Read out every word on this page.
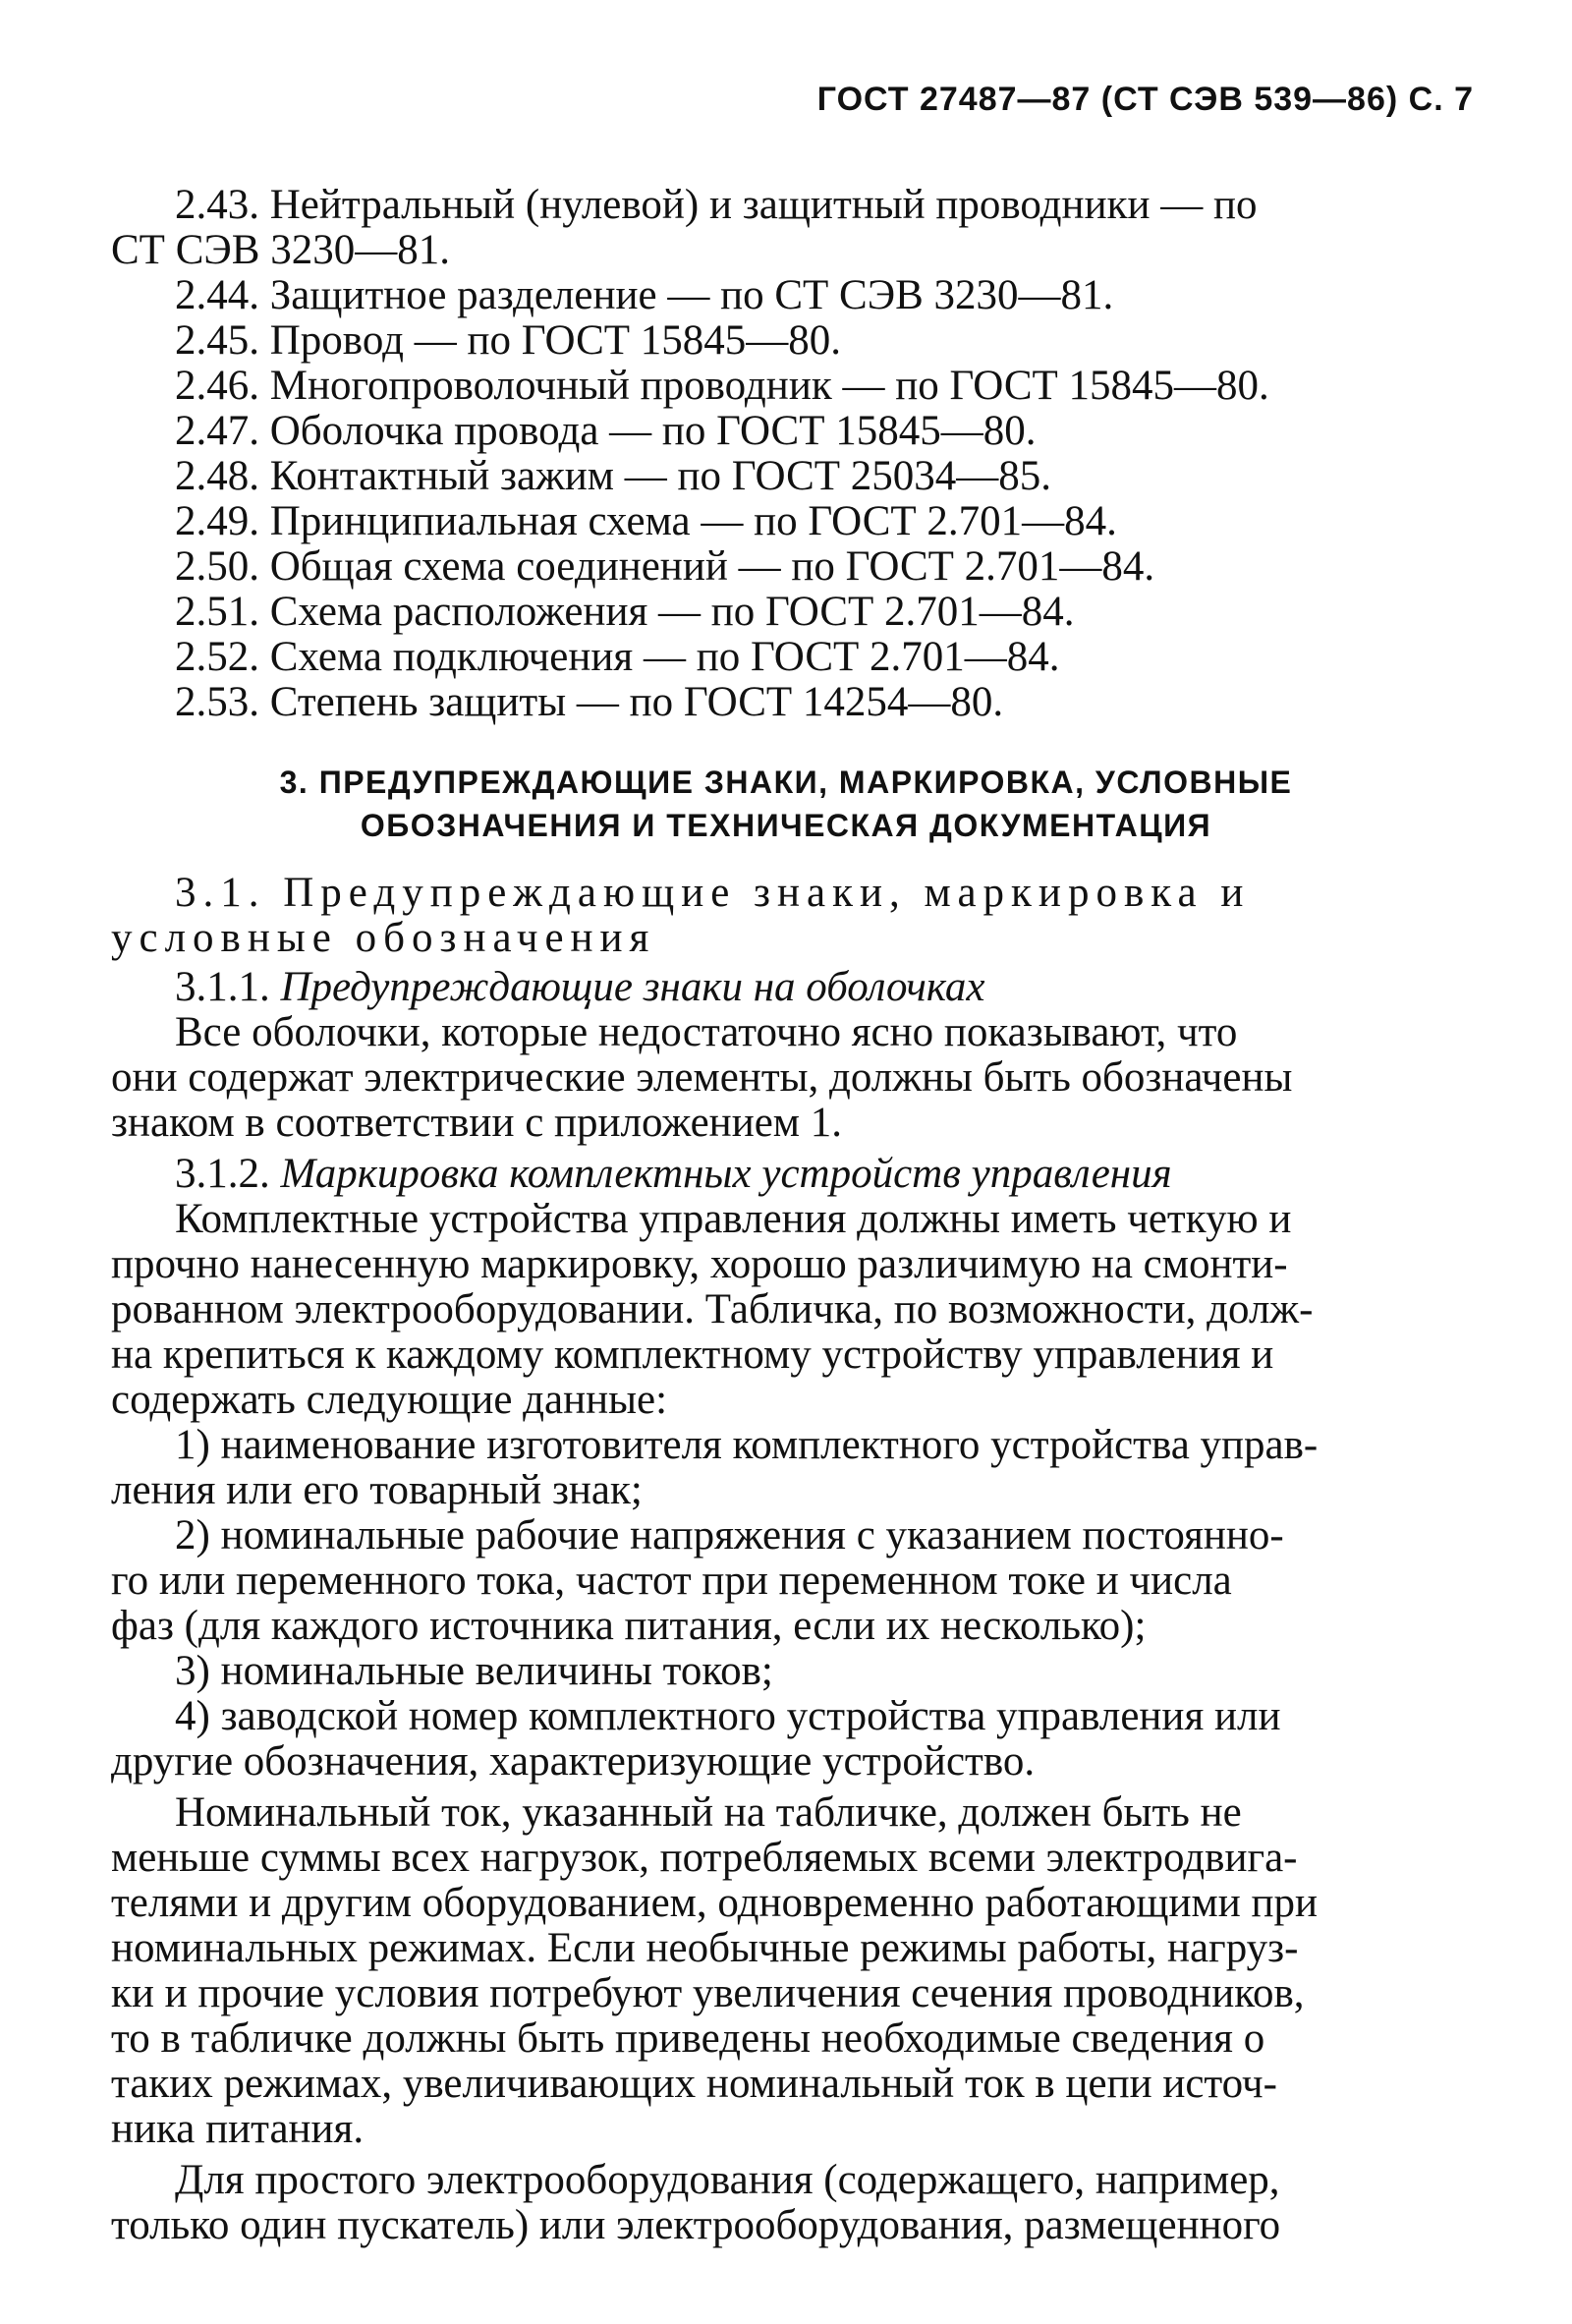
ГОСТ 27487—87 (СТ СЭВ 539—86) С. 7
2.43. Нейтральный (нулевой) и защитный проводники — по
СТ СЭВ 3230—81.
2.44. Защитное разделение — по СТ СЭВ 3230—81.
2.45. Провод — по ГОСТ 15845—80.
2.46. Многопроволочный проводник — по ГОСТ 15845—80.
2.47. Оболочка провода — по ГОСТ 15845—80.
2.48. Контактный зажим — по ГОСТ 25034—85.
2.49. Принципиальная схема — по ГОСТ 2.701—84.
2.50. Общая схема соединений — по ГОСТ 2.701—84.
2.51. Схема расположения — по ГОСТ 2.701—84.
2.52. Схема подключения — по ГОСТ 2.701—84.
2.53. Степень защиты — по ГОСТ 14254—80.
3. ПРЕДУПРЕЖДАЮЩИЕ ЗНАКИ, МАРКИРОВКА, УСЛОВНЫЕ
ОБОЗНАЧЕНИЯ И ТЕХНИЧЕСКАЯ ДОКУМЕНТАЦИЯ
3.1. Предупреждающие знаки, маркировка и
условные обозначения
3.1.1. Предупреждающие знаки на оболочках
Все оболочки, которые недостаточно ясно показывают, что
они содержат электрические элементы, должны быть обозначены
знаком в соответствии с приложением 1.
3.1.2. Маркировка комплектных устройств управления
Комплектные устройства управления должны иметь четкую и
прочно нанесенную маркировку, хорошо различимую на смонти-
рованном электрооборудовании. Табличка, по возможности, долж-
на крепиться к каждому комплектному устройству управления и
содержать следующие данные:
1) наименование изготовителя комплектного устройства управ-
ления или его товарный знак;
2) номинальные рабочие напряжения с указанием постоянно-
го или переменного тока, частот при переменном токе и числа
фаз (для каждого источника питания, если их несколько);
3) номинальные величины токов;
4) заводской номер комплектного устройства управления или
другие обозначения, характеризующие устройство.
Номинальный ток, указанный на табличке, должен быть не
меньше суммы всех нагрузок, потребляемых всеми электродвига-
телями и другим оборудованием, одновременно работающими при
номинальных режимах. Если необычные режимы работы, нагруз-
ки и прочие условия потребуют увеличения сечения проводников,
то в табличке должны быть приведены необходимые сведения о
таких режимах, увеличивающих номинальный ток в цепи источ-
ника питания.
Для простого электрооборудования (содержащего, например,
только один пускатель) или электрооборудования, размещенного
